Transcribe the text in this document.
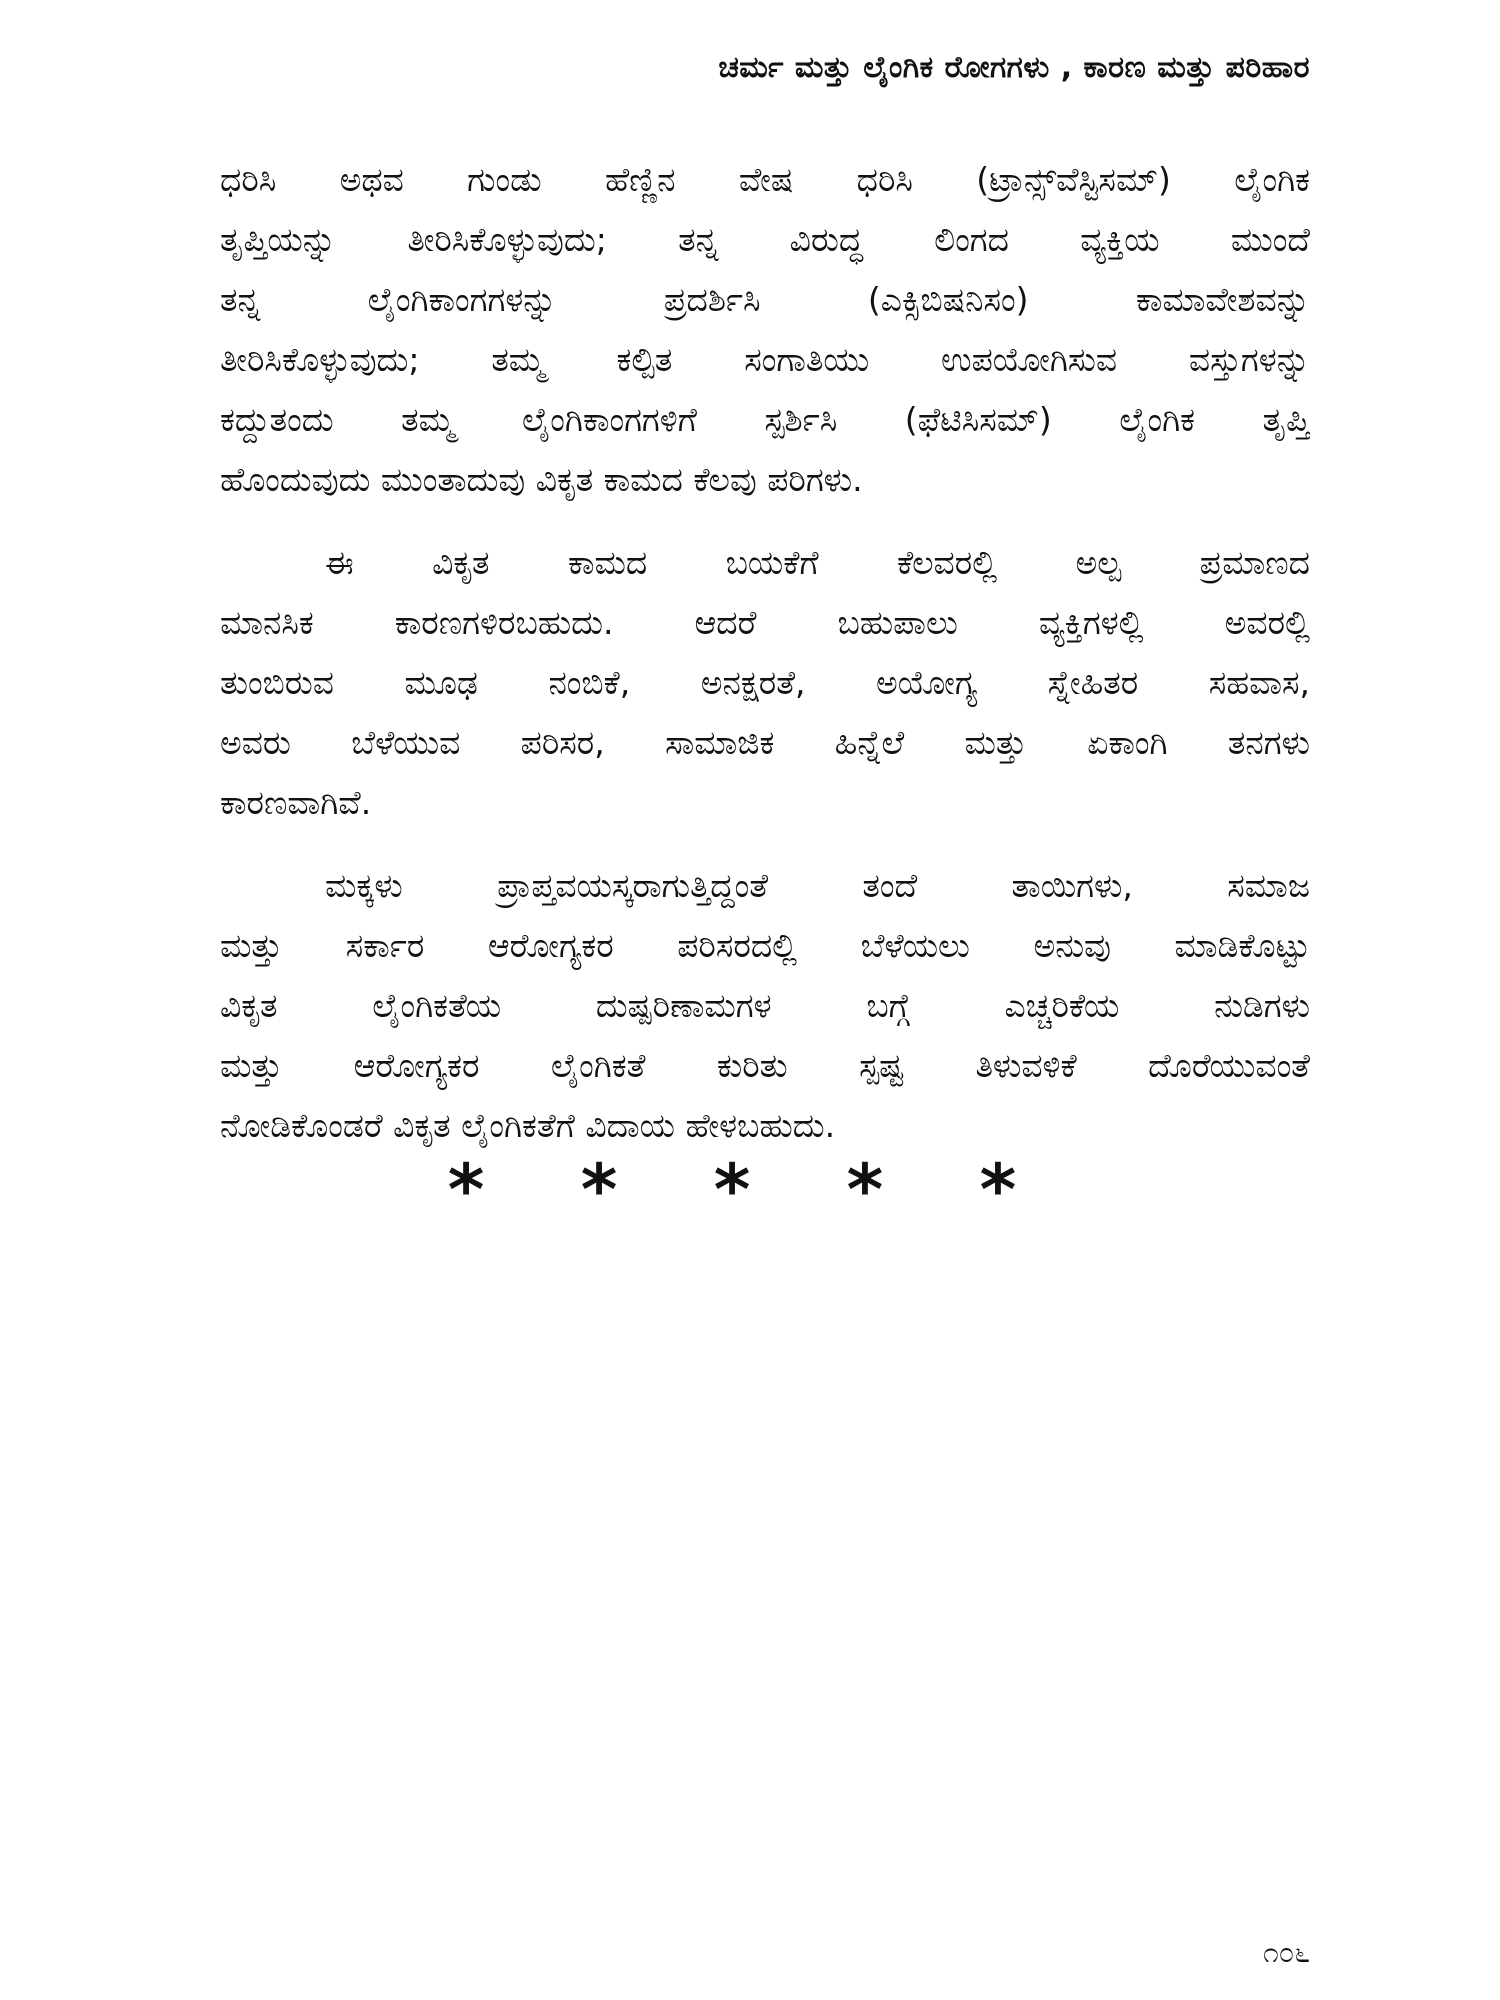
ಚರ್ಮ ಮತ್ತು ಲೈಂಗಿಕ ರೋಗಗಳು , ಕಾರಣ ಮತ್ತು ಪರಿಹಾರ

ಧರಿಸಿ ಅಥವ ಗುಂಡು ಹೆಣ್ಣಿನ ವೇಷ ಧರಿಸಿ (ಟ್ರಾನ್ಸ್‌ವೆಸ್ಟಿಸಮ್) ಲೈಂಗಿಕ
ತೃಪ್ತಿಯನ್ನು ತೀರಿಸಿಕೊಳ್ಳುವುದು; ತನ್ನ ವಿರುದ್ಧ ಲಿಂಗದ ವ್ಯಕ್ತಿಯ ಮುಂದೆ
ತನ್ನ ಲೈಂಗಿಕಾಂಗಗಳನ್ನು ಪ್ರದರ್ಶಿಸಿ (ಎಕ್ಸಿಬಿಷನಿಸಂ) ಕಾಮಾವೇಶವನ್ನು
ತೀರಿಸಿಕೊಳ್ಳುವುದು; ತಮ್ಮ ಕಲ್ಪಿತ ಸಂಗಾತಿಯು ಉಪಯೋಗಿಸುವ ವಸ್ತುಗಳನ್ನು
ಕದ್ದುತಂದು ತಮ್ಮ ಲೈಂಗಿಕಾಂಗಗಳಿಗೆ ಸ್ಪರ್ಶಿಸಿ (ಫೆಟಿಸಿಸಮ್) ಲೈಂಗಿಕ ತೃಪ್ತಿ
ಹೊಂದುವುದು ಮುಂತಾದುವು ವಿಕೃತ ಕಾಮದ ಕೆಲವು ಪರಿಗಳು.

ಈ ವಿಕೃತ ಕಾಮದ ಬಯಕೆಗೆ ಕೆಲವರಲ್ಲಿ ಅಲ್ಪ ಪ್ರಮಾಣದ
ಮಾನಸಿಕ ಕಾರಣಗಳಿರಬಹುದು. ಆದರೆ ಬಹುಪಾಲು ವ್ಯಕ್ತಿಗಳಲ್ಲಿ ಅವರಲ್ಲಿ
ತುಂಬಿರುವ ಮೂಢ ನಂಬಿಕೆ, ಅನಕ್ಷರತೆ, ಅಯೋಗ್ಯ ಸ್ನೇಹಿತರ ಸಹವಾಸ,
ಅವರು ಬೆಳೆಯುವ ಪರಿಸರ, ಸಾಮಾಜಿಕ ಹಿನ್ನೆಲೆ ಮತ್ತು ಏಕಾಂಗಿ ತನಗಳು
ಕಾರಣವಾಗಿವೆ.

ಮಕ್ಕಳು ಪ್ರಾಪ್ತವಯಸ್ಕರಾಗುತ್ತಿದ್ದಂತೆ ತಂದೆ ತಾಯಿಗಳು, ಸಮಾಜ
ಮತ್ತು ಸರ್ಕಾರ ಆರೋಗ್ಯಕರ ಪರಿಸರದಲ್ಲಿ ಬೆಳೆಯಲು ಅನುವು ಮಾಡಿಕೊಟ್ಟು
ವಿಕೃತ ಲೈಂಗಿಕತೆಯ ದುಷ್ಪರಿಣಾಮಗಳ ಬಗ್ಗೆ ಎಚ್ಚರಿಕೆಯ ನುಡಿಗಳು
ಮತ್ತು ಆರೋಗ್ಯಕರ ಲೈಂಗಿಕತೆ ಕುರಿತು ಸ್ಪಷ್ಟ ತಿಳುವಳಿಕೆ ದೊರೆಯುವಂತೆ
ನೋಡಿಕೊಂಡರೆ ವಿಕೃತ ಲೈಂಗಿಕತೆಗೆ ವಿದಾಯ ಹೇಳಬಹುದು.

* * * * *
೧೦೬
